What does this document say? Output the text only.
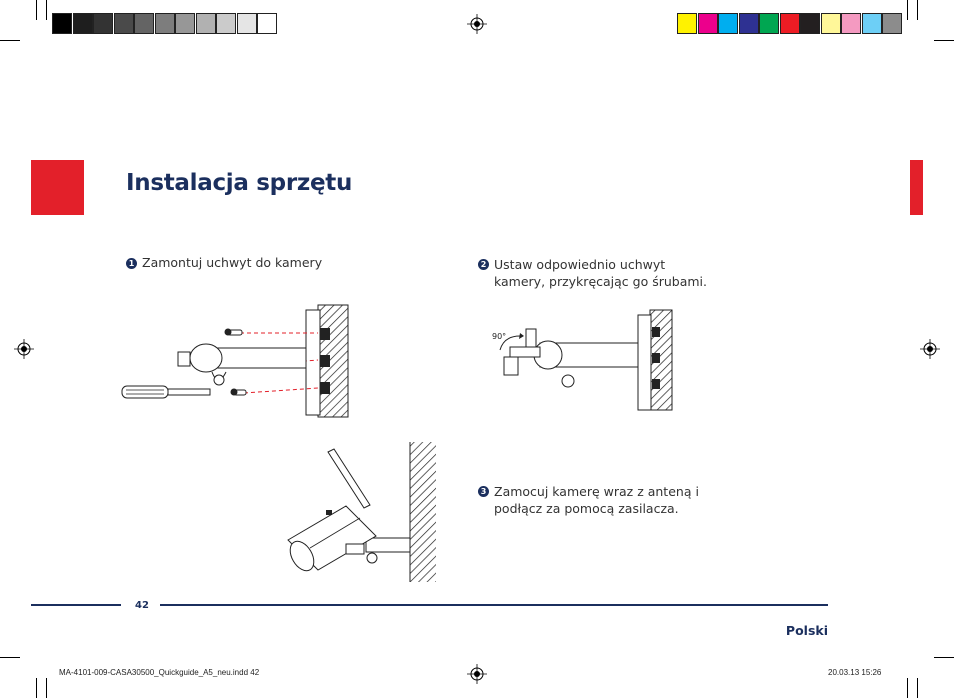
Instalacja sprzętu
1 Zamontuj uchwyt do kamery	2 Ustaw odpowiednio uchwyt
kamery, przykręcając go śrubami.
3 Zamocuj kamerę wraz z anteną i
podłącz za pomocą zasilacza.
90°
42
Polski
MA-4101-009-CASA30500_Quickguide_A5_neu.indd 42	20.03.13 15:26
